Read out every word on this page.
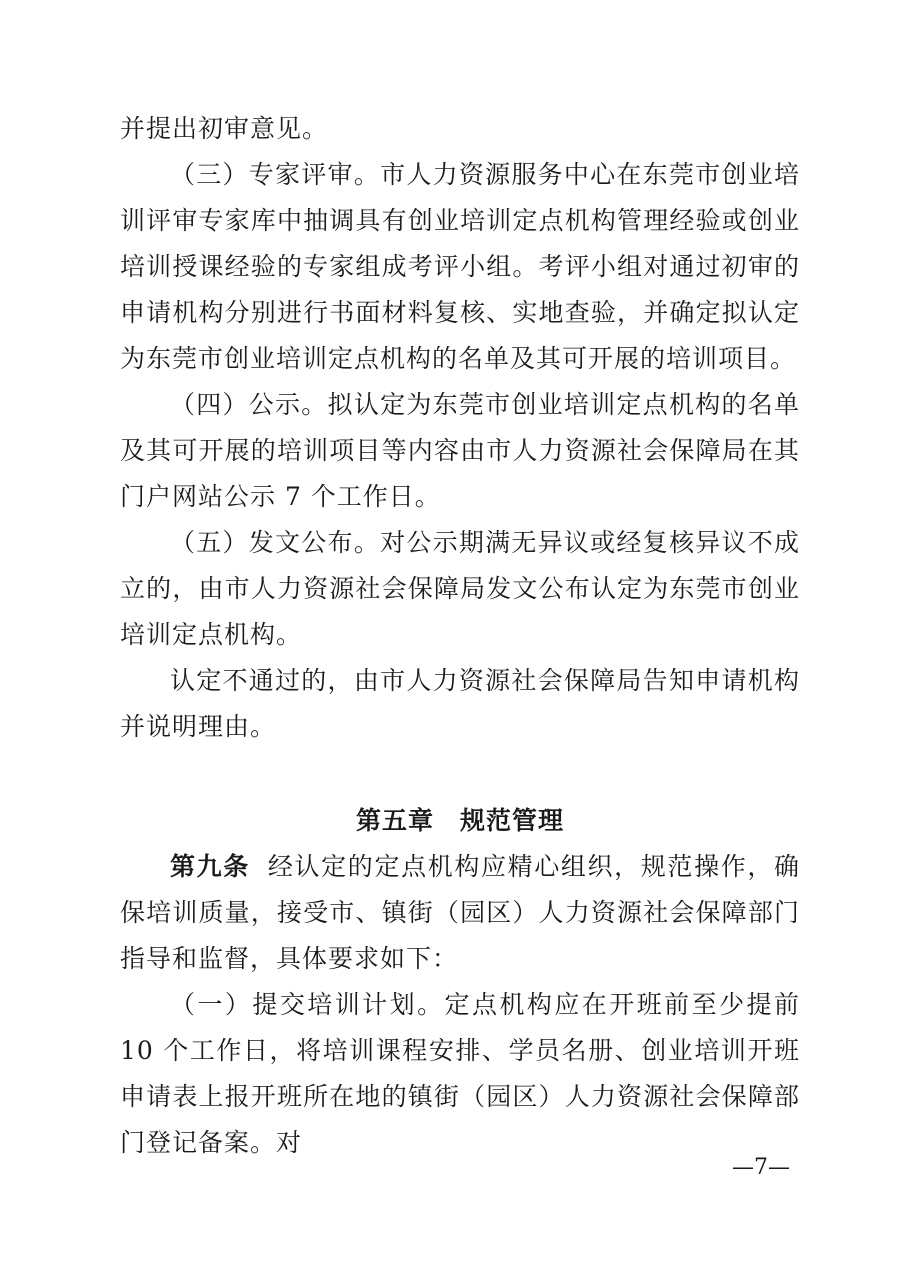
并提出初审意见。

（三）专家评审。市人力资源服务中心在东莞市创业培训评审专家库中抽调具有创业培训定点机构管理经验或创业培训授课经验的专家组成考评小组。考评小组对通过初审的申请机构分别进行书面材料复核、实地查验，并确定拟认定为东莞市创业培训定点机构的名单及其可开展的培训项目。

（四）公示。拟认定为东莞市创业培训定点机构的名单及其可开展的培训项目等内容由市人力资源社会保障局在其门户网站公示 7 个工作日。

（五）发文公布。对公示期满无异议或经复核异议不成立的，由市人力资源社会保障局发文公布认定为东莞市创业培训定点机构。

认定不通过的，由市人力资源社会保障局告知申请机构并说明理由。

第五章　规范管理

第九条 经认定的定点机构应精心组织，规范操作，确保培训质量，接受市、镇街（园区）人力资源社会保障部门指导和监督，具体要求如下：

（一）提交培训计划。定点机构应在开班前至少提前 10 个工作日，将培训课程安排、学员名册、创业培训开班申请表上报开班所在地的镇街（园区）人力资源社会保障部门登记备案。对

—7—
